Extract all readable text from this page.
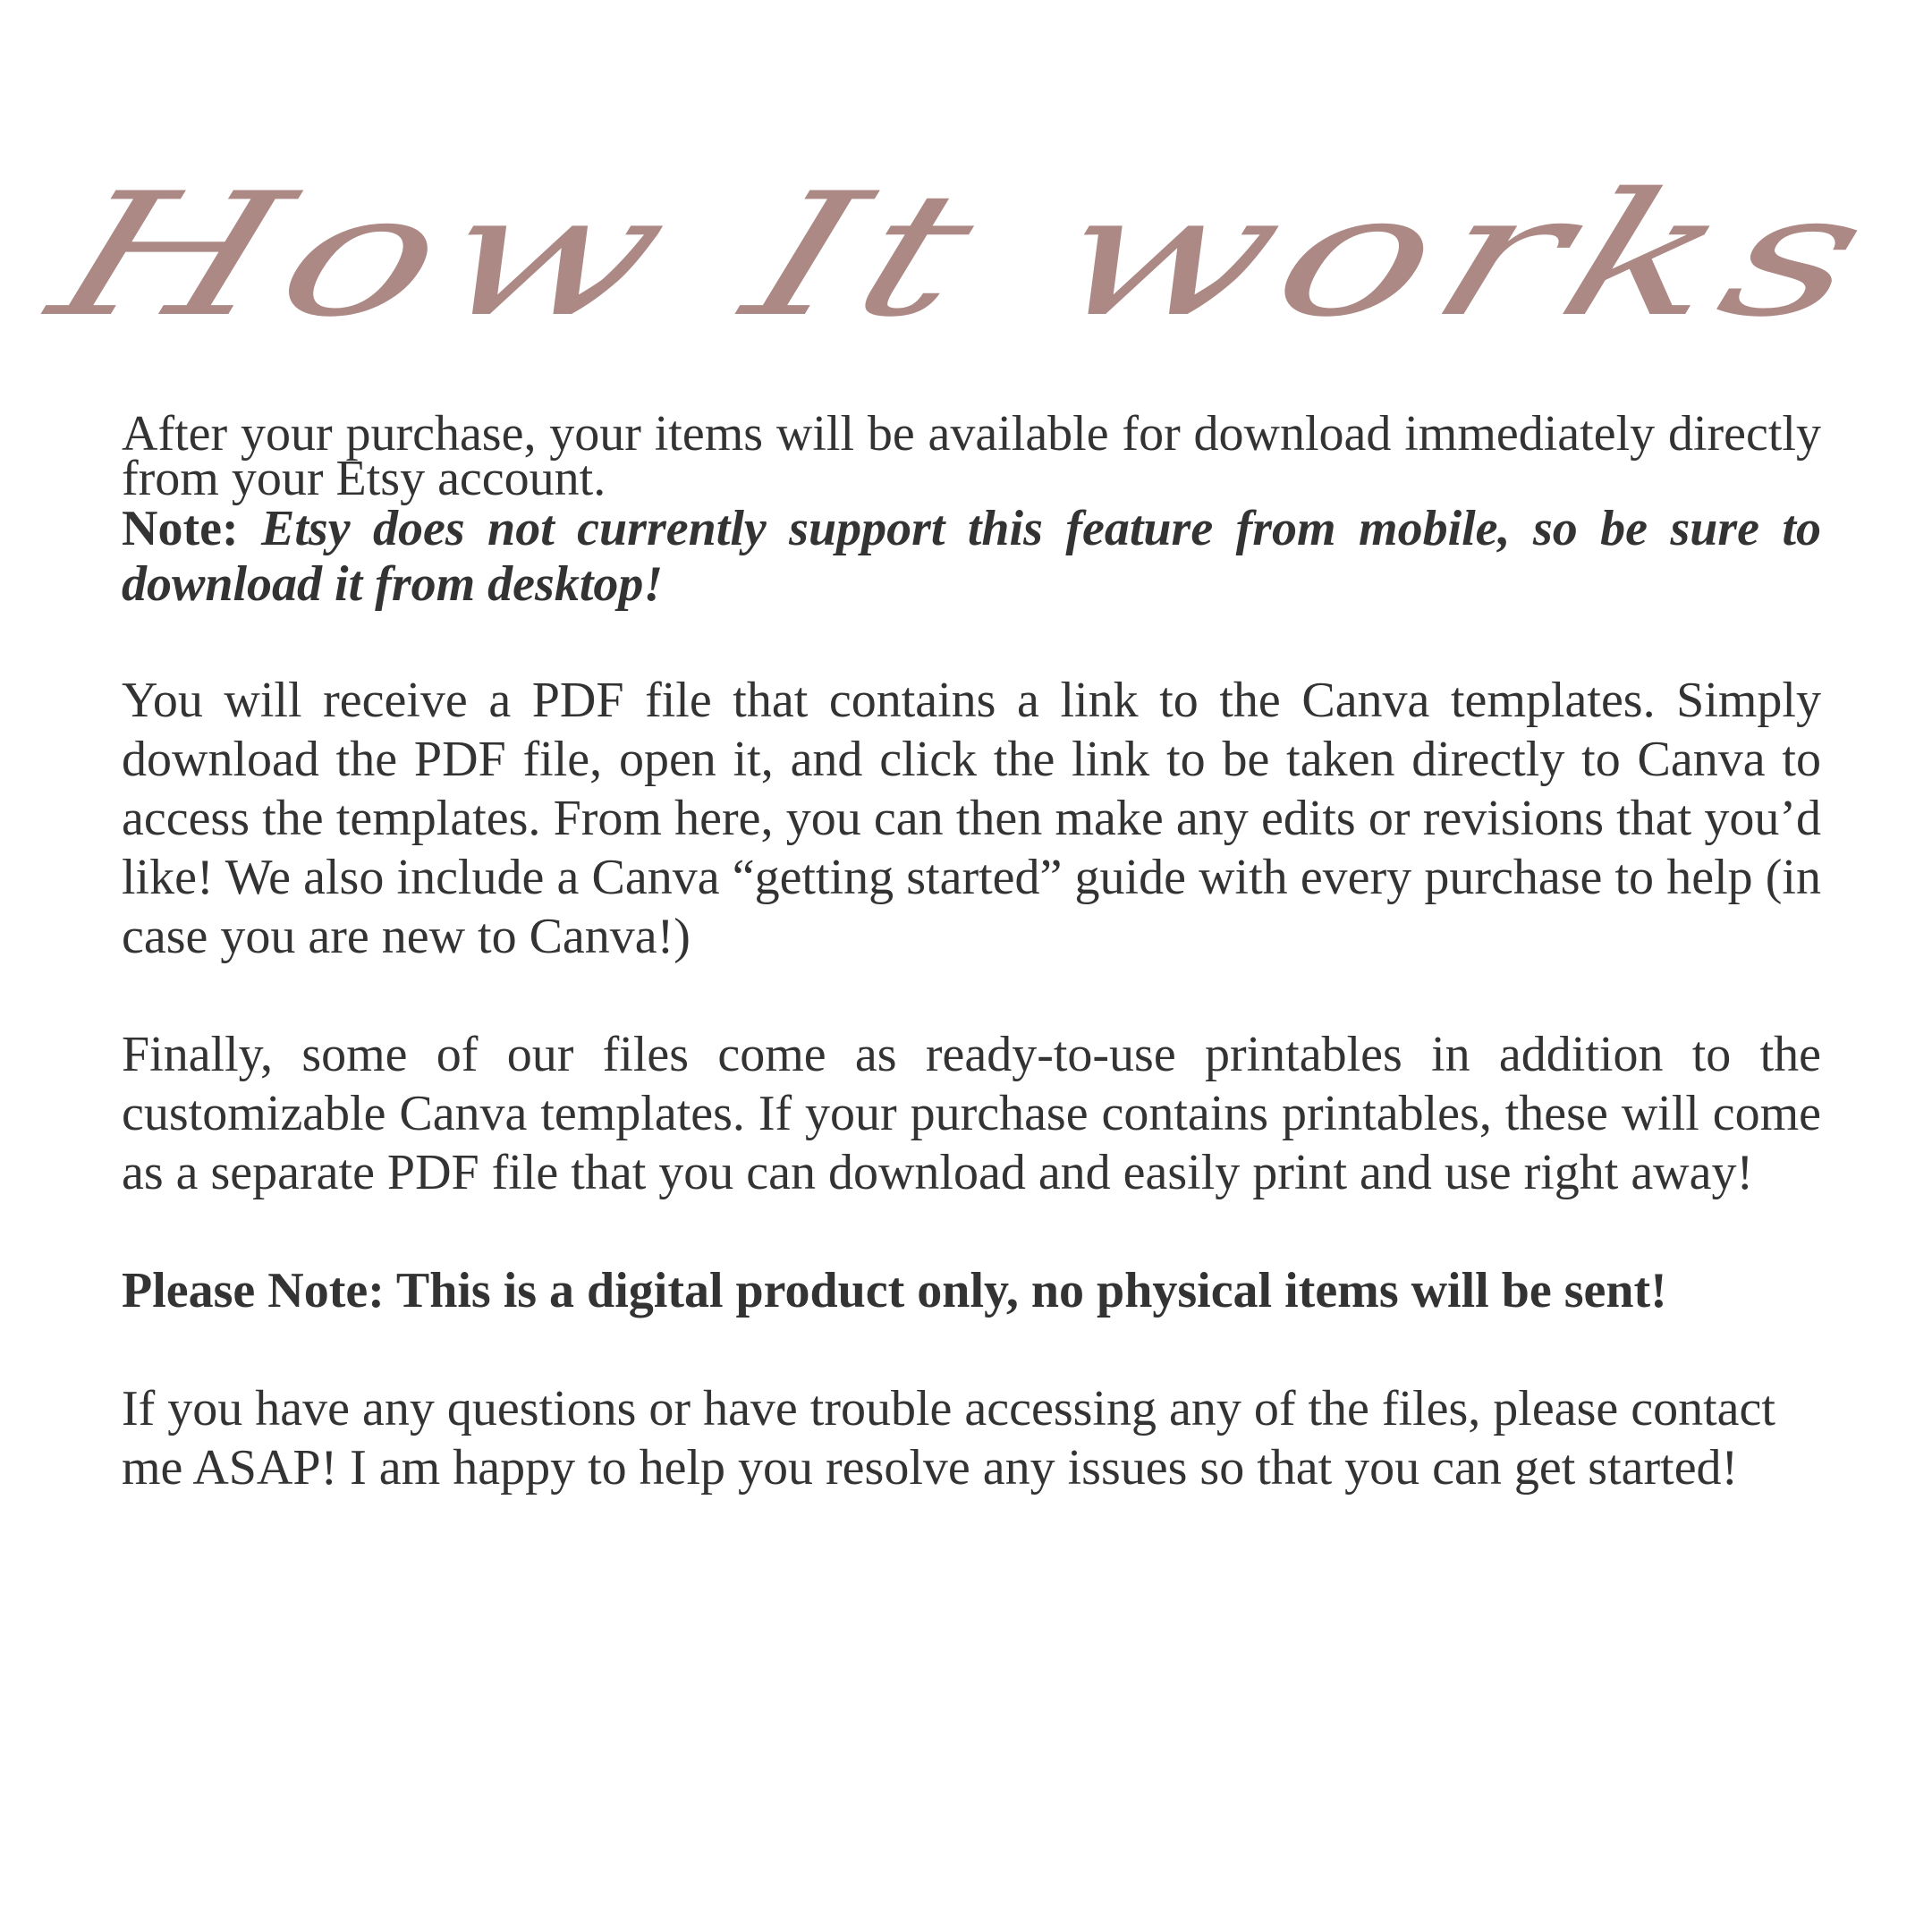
How It works

After your purchase, your items will be available for download immediately directly from your Etsy account.

Note: Etsy does not currently support this feature from mobile, so be sure to download it from desktop!

You will receive a PDF file that contains a link to the Canva templates. Simply download the PDF file, open it, and click the link to be taken directly to Canva to access the templates. From here, you can then make any edits or revisions that you’d like! We also include a Canva “getting started” guide with every purchase to help (in case you are new to Canva!)

Finally, some of our files come as ready-to-use printables in addition to the customizable Canva templates. If your purchase contains printables, these will come as a separate PDF file that you can download and easily print and use right away!

Please Note: This is a digital product only, no physical items will be sent!

If you have any questions or have trouble accessing any of the files, please contact me ASAP! I am happy to help you resolve any issues so that you can get started!
